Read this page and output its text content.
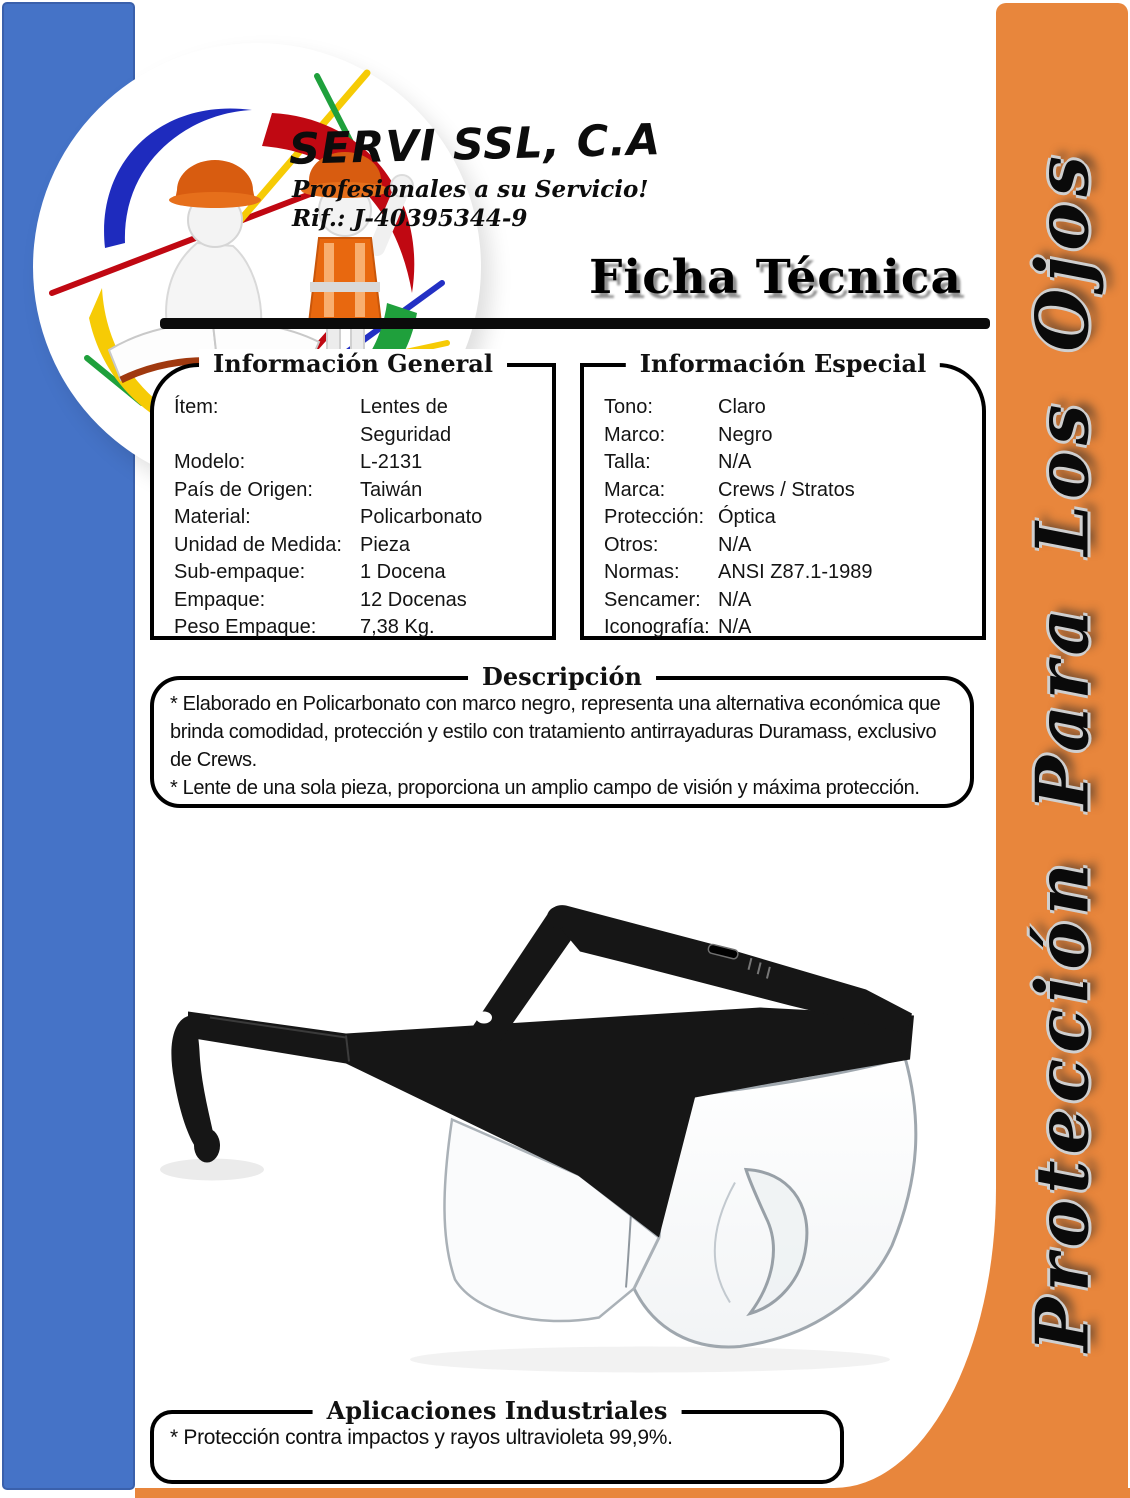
Protección Para Los Ojos
SERVI SSL, C.A
Profesionales a su Servicio!
Rif.: J-40395344-9
Ficha Técnica
Información General
Ítem:	Lentes de Seguridad
Modelo:	L-2131
País de Origen:	Taiwán
Material:	Policarbonato
Unidad de Medida: Pieza
Sub-empaque:	1 Docena
Empaque:	12 Docenas
Peso Empaque:	7,38 Kg.
Información Especial
Tono:	Claro
Marco:	Negro
Talla:	N/A
Marca:	Crews / Stratos
Protección: Óptica
Otros:	N/A
Normas:	ANSI Z87.1-1989
Sencamer: N/A
Iconografía: N/A
Descripción

* Elaborado en Policarbonato con marco negro, representa una alternativa económica que brinda comodidad, protección y estilo con tratamiento antirrayaduras Duramass, exclusivo de Crews.

* Lente de una sola pieza, proporciona un amplio campo de visión y máxima protección.

Aplicaciones Industriales

* Protección contra impactos y rayos ultravioleta 99,9%.
